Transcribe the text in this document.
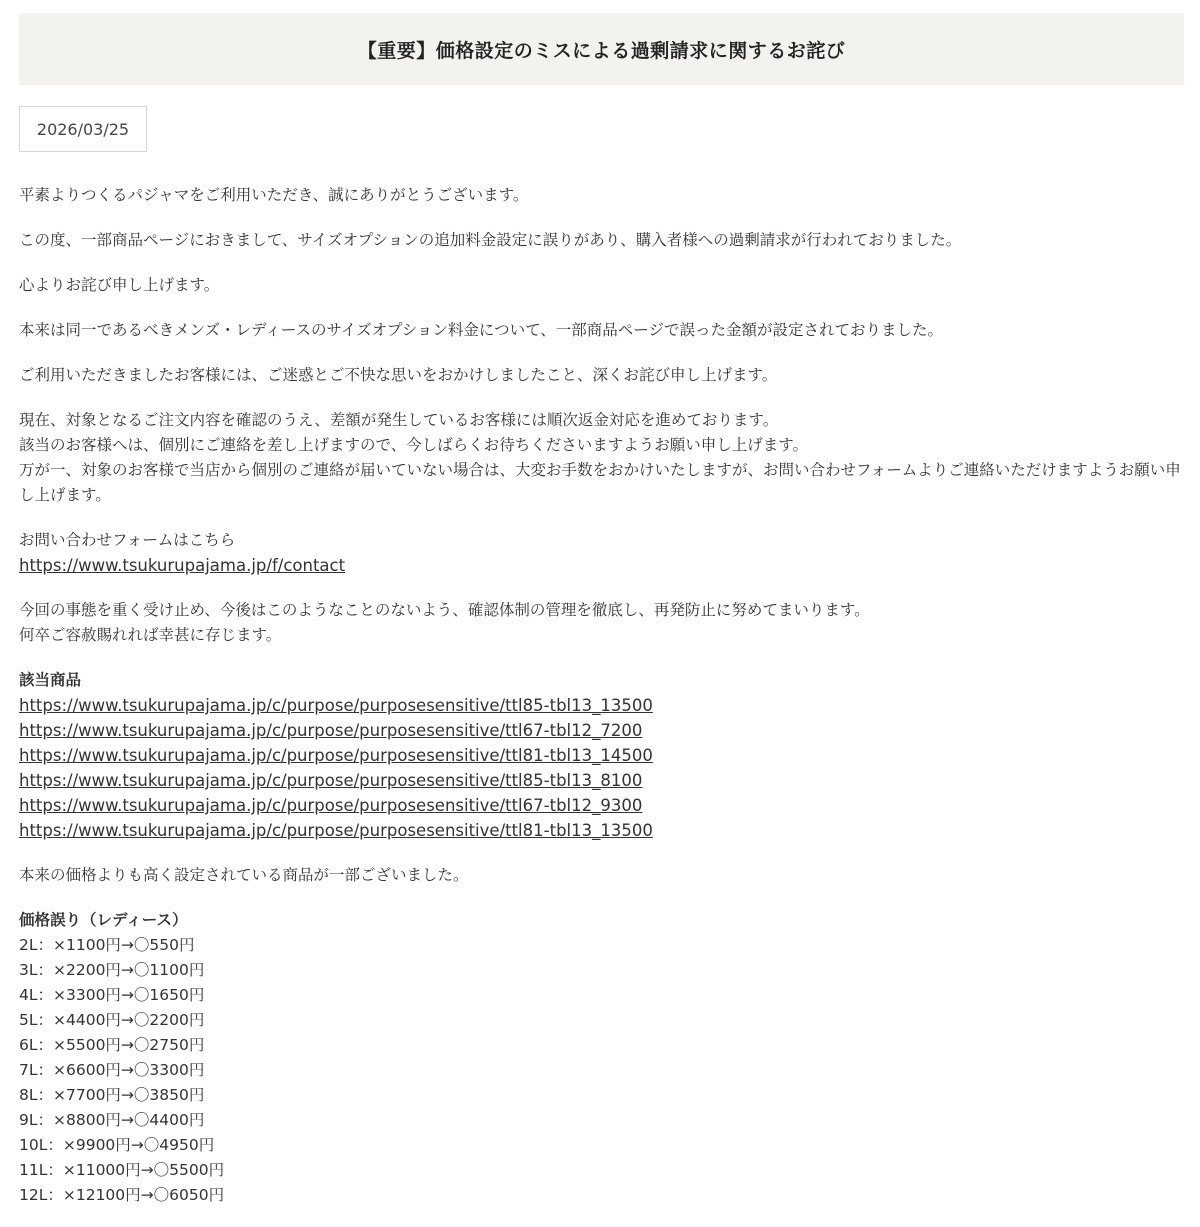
【重要】価格設定のミスによる過剰請求に関するお詫び
2026/03/25

平素よりつくるパジャマをご利用いただき、誠にありがとうございます。

この度、一部商品ページにおきまして、サイズオプションの追加料金設定に誤りがあり、購入者様への過剰請求が行われておりました。

心よりお詫び申し上げます。

本来は同一であるべきメンズ・レディースのサイズオプション料金について、一部商品ページで誤った金額が設定されておりました。

ご利用いただきましたお客様には、ご迷惑とご不快な思いをおかけしましたこと、深くお詫び申し上げます。

現在、対象となるご注文内容を確認のうえ、差額が発生しているお客様には順次返金対応を進めております。
該当のお客様へは、個別にご連絡を差し上げますので、今しばらくお待ちくださいますようお願い申し上げます。
万が一、対象のお客様で当店から個別のご連絡が届いていない場合は、大変お手数をおかけいたしますが、お問い合わせフォームよりご連絡いただけますようお願い申し上げます。
お問い合わせフォームはこちら
https://www.tsukurupajama.jp/f/contact
今回の事態を重く受け止め、今後はこのようなことのないよう、確認体制の管理を徹底し、再発防止に努めてまいります。
何卒ご容赦賜れれば幸甚に存じます。
該当商品
https://www.tsukurupajama.jp/c/purpose/purposesensitive/ttl85-tbl13_13500
https://www.tsukurupajama.jp/c/purpose/purposesensitive/ttl67-tbl12_7200
https://www.tsukurupajama.jp/c/purpose/purposesensitive/ttl81-tbl13_14500
https://www.tsukurupajama.jp/c/purpose/purposesensitive/ttl85-tbl13_8100
https://www.tsukurupajama.jp/c/purpose/purposesensitive/ttl67-tbl12_9300
https://www.tsukurupajama.jp/c/purpose/purposesensitive/ttl81-tbl13_13500

本来の価格よりも高く設定されている商品が一部ございました。

価格誤り（レディース）
2L：×1100円→〇550円
3L：×2200円→〇1100円
4L：×3300円→〇1650円
5L：×4400円→〇2200円
6L：×5500円→〇2750円
7L：×6600円→〇3300円
8L：×7700円→〇3850円
9L：×8800円→〇4400円
10L：×9900円→〇4950円
11L：×11000円→〇5500円
12L：×12100円→〇6050円
